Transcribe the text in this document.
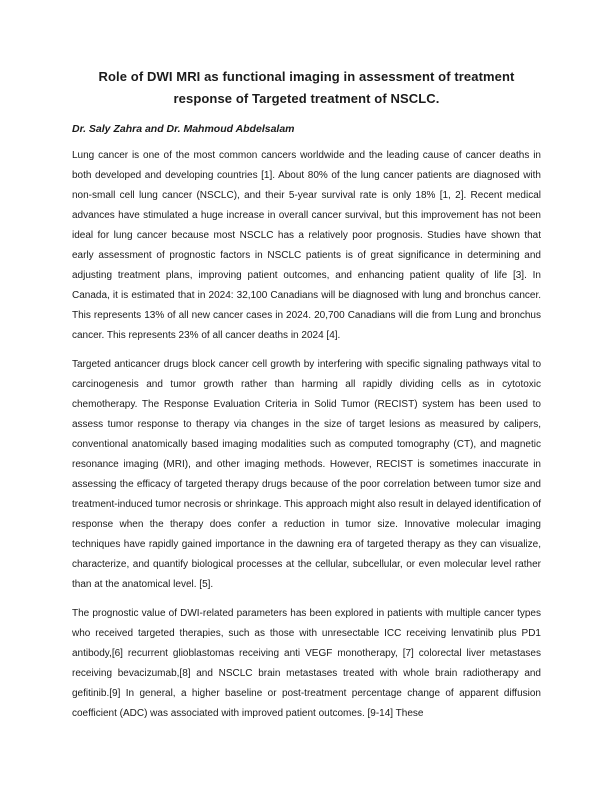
Role of DWI MRI as functional imaging in assessment of treatment response of Targeted treatment of NSCLC.

Dr. Saly Zahra and Dr. Mahmoud Abdelsalam

Lung cancer is one of the most common cancers worldwide and the leading cause of cancer deaths in both developed and developing countries [1]. About 80% of the lung cancer patients are diagnosed with non-small cell lung cancer (NSCLC), and their 5-year survival rate is only 18% [1, 2]. Recent medical advances have stimulated a huge increase in overall cancer survival, but this improvement has not been ideal for lung cancer because most NSCLC has a relatively poor prognosis. Studies have shown that early assessment of prognostic factors in NSCLC patients is of great significance in determining and adjusting treatment plans, improving patient outcomes, and enhancing patient quality of life [3]. In Canada, it is estimated that in 2024: 32,100 Canadians will be diagnosed with lung and bronchus cancer. This represents 13% of all new cancer cases in 2024. 20,700 Canadians will die from Lung and bronchus cancer. This represents 23% of all cancer deaths in 2024 [4].

Targeted anticancer drugs block cancer cell growth by interfering with specific signaling pathways vital to carcinogenesis and tumor growth rather than harming all rapidly dividing cells as in cytotoxic chemotherapy. The Response Evaluation Criteria in Solid Tumor (RECIST) system has been used to assess tumor response to therapy via changes in the size of target lesions as measured by calipers, conventional anatomically based imaging modalities such as computed tomography (CT), and magnetic resonance imaging (MRI), and other imaging methods. However, RECIST is sometimes inaccurate in assessing the efficacy of targeted therapy drugs because of the poor correlation between tumor size and treatment-induced tumor necrosis or shrinkage. This approach might also result in delayed identification of response when the therapy does confer a reduction in tumor size. Innovative molecular imaging techniques have rapidly gained importance in the dawning era of targeted therapy as they can visualize, characterize, and quantify biological processes at the cellular, subcellular, or even molecular level rather than at the anatomical level. [5].

The prognostic value of DWI-related parameters has been explored in patients with multiple cancer types who received targeted therapies, such as those with unresectable ICC receiving lenvatinib plus PD1 antibody,[6] recurrent glioblastomas receiving anti VEGF monotherapy, [7] colorectal liver metastases receiving bevacizumab,[8] and NSCLC brain metastases treated with whole brain radiotherapy and gefitinib.[9] In general, a higher baseline or post-treatment percentage change of apparent diffusion coefficient (ADC) was associated with improved patient outcomes. [9-14] These
